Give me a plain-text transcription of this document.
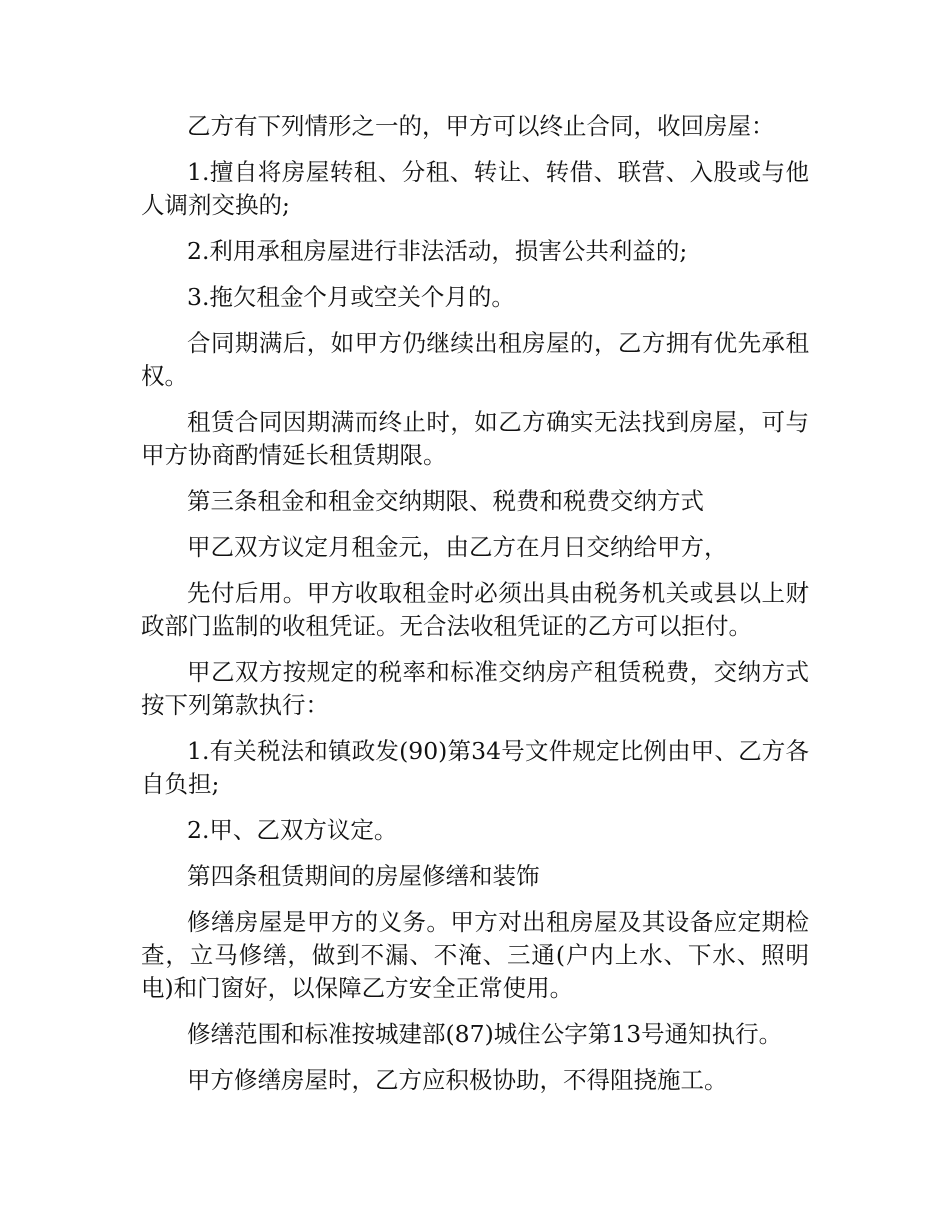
乙方有下列情形之一的，甲方可以终止合同，收回房屋：

1.擅自将房屋转租、分租、转让、转借、联营、入股或与他人调剂交换的;

2.利用承租房屋进行非法活动，损害公共利益的;

3.拖欠租金个月或空关个月的。

合同期满后，如甲方仍继续出租房屋的，乙方拥有优先承租权。

租赁合同因期满而终止时，如乙方确实无法找到房屋，可与甲方协商酌情延长租赁期限。

第三条租金和租金交纳期限、税费和税费交纳方式

甲乙双方议定月租金元，由乙方在月日交纳给甲方，

先付后用。甲方收取租金时必须出具由税务机关或县以上财政部门监制的收租凭证。无合法收租凭证的乙方可以拒付。

甲乙双方按规定的税率和标准交纳房产租赁税费，交纳方式按下列第款执行：

1.有关税法和镇政发(90)第34号文件规定比例由甲、乙方各自负担;

2.甲、乙双方议定。

第四条租赁期间的房屋修缮和装饰

修缮房屋是甲方的义务。甲方对出租房屋及其设备应定期检查，立马修缮，做到不漏、不淹、三通(户内上水、下水、照明电)和门窗好，以保障乙方安全正常使用。

修缮范围和标准按城建部(87)城住公字第13号通知执行。

甲方修缮房屋时，乙方应积极协助，不得阻挠施工。
